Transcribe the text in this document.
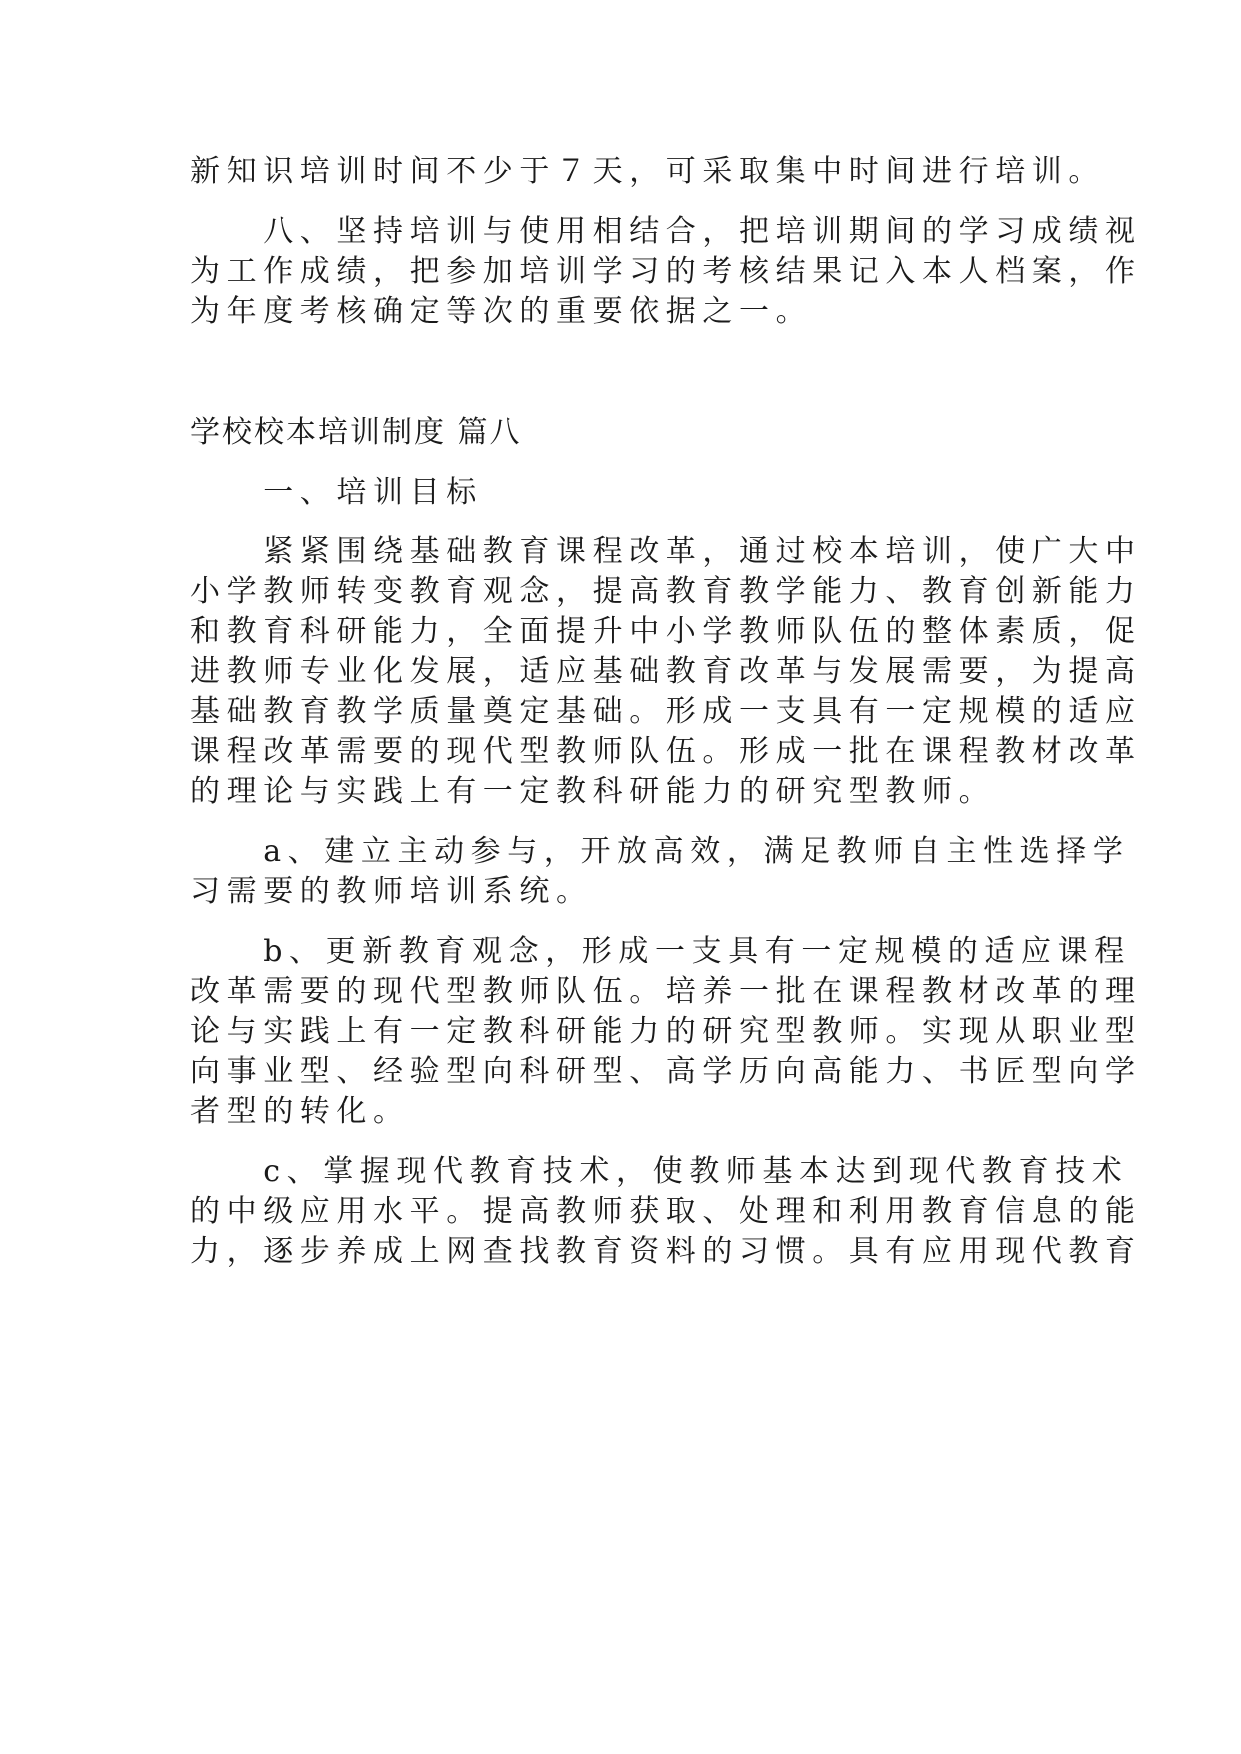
新知识培训时间不少于７天，可采取集中时间进行培训。

　　八、坚持培训与使用相结合，把培训期间的学习成绩视

为工作成绩，把参加培训学习的考核结果记入本人档案，作

为年度考核确定等次的重要依据之一。

学校校本培训制度 篇八

　　一、培训目标

　　紧紧围绕基础教育课程改革，通过校本培训，使广大中

小学教师转变教育观念，提高教育教学能力、教育创新能力

和教育科研能力，全面提升中小学教师队伍的整体素质，促

进教师专业化发展，适应基础教育改革与发展需要，为提高

基础教育教学质量奠定基础。形成一支具有一定规模的适应

课程改革需要的现代型教师队伍。形成一批在课程教材改革

的理论与实践上有一定教科研能力的研究型教师。

　　a、建立主动参与，开放高效，满足教师自主性选择学

习需要的教师培训系统。

　　b、更新教育观念，形成一支具有一定规模的适应课程

改革需要的现代型教师队伍。培养一批在课程教材改革的理

论与实践上有一定教科研能力的研究型教师。实现从职业型

向事业型、经验型向科研型、高学历向高能力、书匠型向学

者型的转化。

　　c、掌握现代教育技术，使教师基本达到现代教育技术

的中级应用水平。提高教师获取、处理和利用教育信息的能

力，逐步养成上网查找教育资料的习惯。具有应用现代教育
